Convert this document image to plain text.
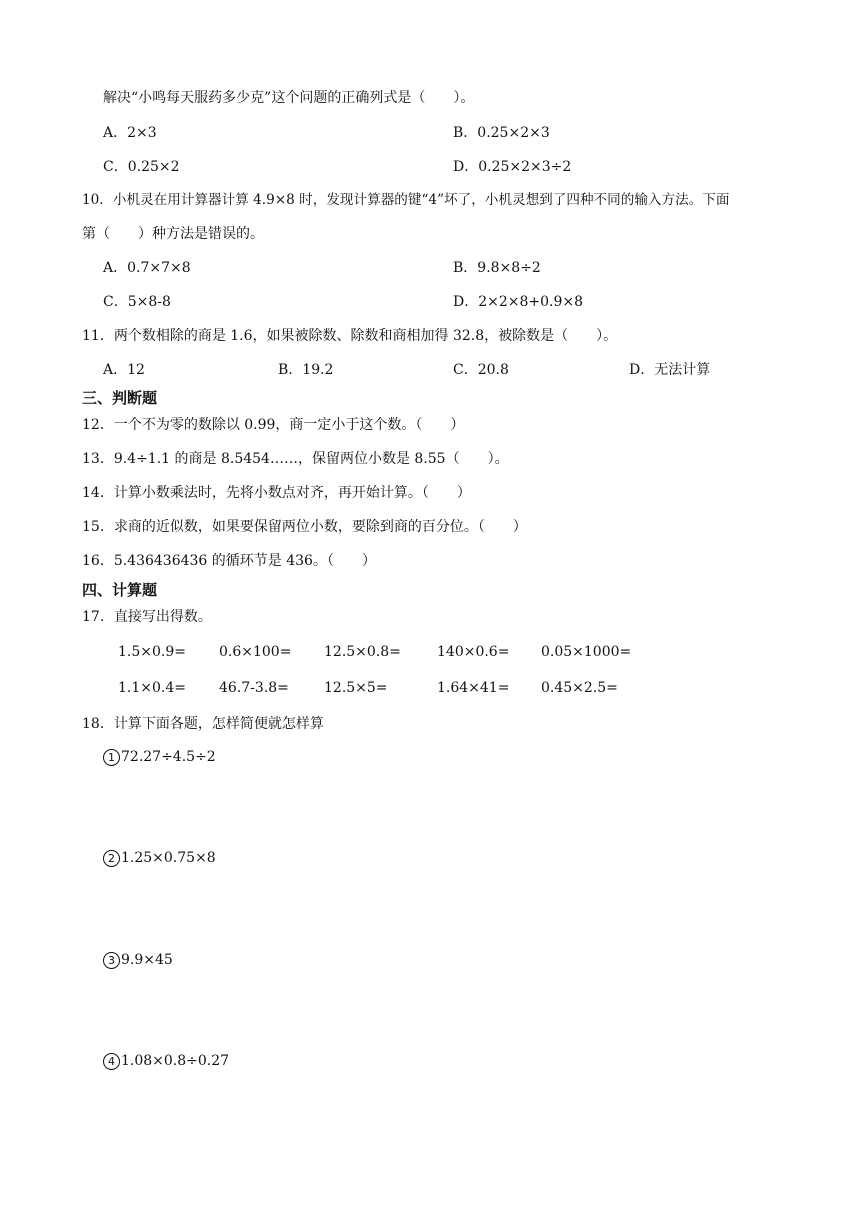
解决“小鸣每天服药多少克”这个问题的正确列式是（　　）。
A．2×3	B．0.25×2×3
C．0.25×2	D．0.25×2×3÷2
10．小机灵在用计算器计算 4.9×8 时，发现计算器的键“4”坏了，小机灵想到了四种不同的输入方法。下面
第（　　）种方法是错误的。
A．0.7×7×8	B．9.8×8÷2
C．5×8-8	D．2×2×8+0.9×8
11．两个数相除的商是 1.6，如果被除数、除数和商相加得 32.8，被除数是（　　）。
A．12	B．19.2	C．20.8	D．无法计算
三、判断题
12．一个不为零的数除以 0.99，商一定小于这个数。（　　）
13．9.4÷1.1 的商是 8.5454……，保留两位小数是 8.55（　　）。
14．计算小数乘法时，先将小数点对齐，再开始计算。（　　）
15．求商的近似数，如果要保留两位小数，要除到商的百分位。（　　）
16．5.436436436 的循环节是 436。（　　）
四、计算题
17．直接写出得数。
1.5×0.9= 0.6×100= 12.5×0.8=	140×0.6= 0.05×1000=
1.1×0.4= 46.7-3.8=	12.5×5=	1.64×41= 0.45×2.5=
18．计算下面各题，怎样简便就怎样算
1 72.27÷4.5÷2
2 1.25×0.75×8
3 9.9×45
4 1.08×0.8÷0.27
